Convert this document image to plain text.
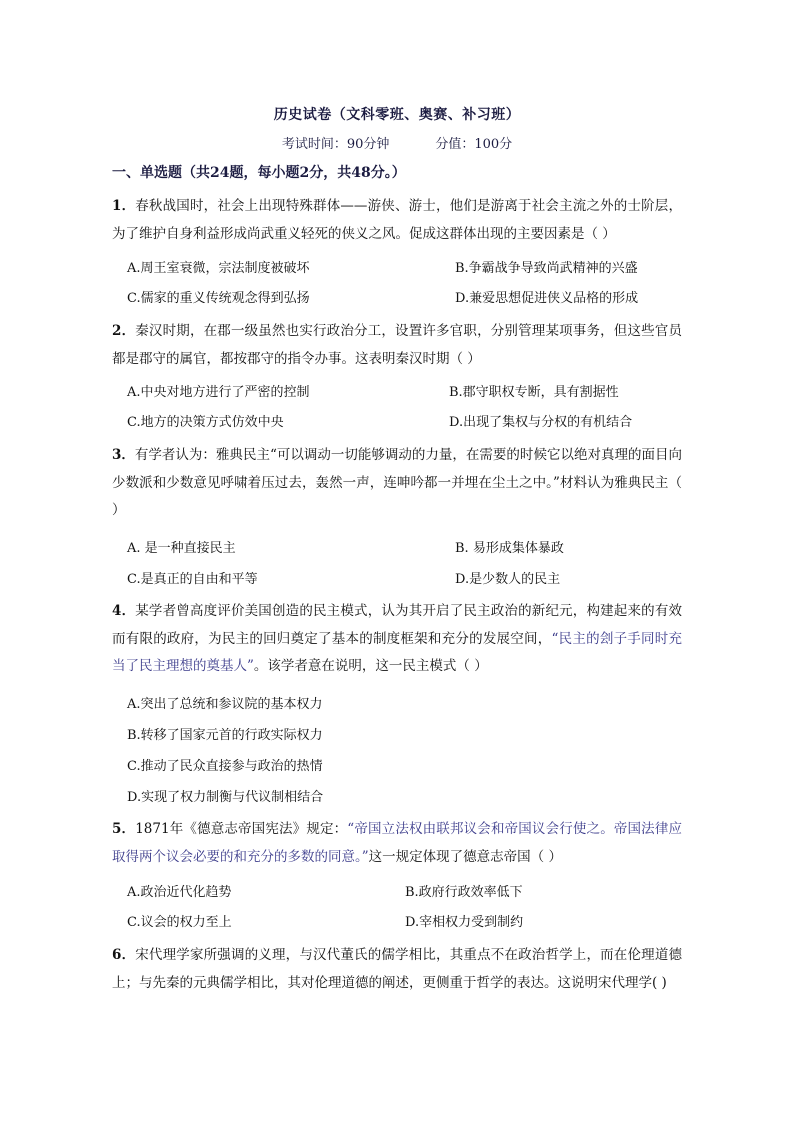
历史试卷（文科零班、奥赛、补习班）
考试时间：90分钟	分值：100分
一、单选题（共24题，每小题2分，共48分。）
1．春秋战国时，社会上出现特殊群体——游侠、游士，他们是游离于社会主流之外的士阶层，为了维护自身利益形成尚武重义轻死的侠义之风。促成这群体出现的主要因素是（ ）
A.周王室衰微，宗法制度被破坏	B.争霸战争导致尚武精神的兴盛
C.儒家的重义传统观念得到弘扬	D.兼爱思想促进侠义品格的形成
2．秦汉时期，在郡一级虽然也实行政治分工，设置许多官职，分别管理某项事务，但这些官员都是郡守的属官，都按郡守的指令办事。这表明秦汉时期（ ）
A.中央对地方进行了严密的控制	B.郡守职权专断，具有割据性
C.地方的决策方式仿效中央	D.出现了集权与分权的有机结合
3．有学者认为：雅典民主“可以调动一切能够调动的力量，在需要的时候它以绝对真理的面目向少数派和少数意见呼啸着压过去，轰然一声，连呻吟都一并埋在尘土之中。”材料认为雅典民主（ ）
A. 是一种直接民主	B. 易形成集体暴政
C.是真正的自由和平等	D.是少数人的民主
4．某学者曾高度评价美国创造的民主模式，认为其开启了民主政治的新纪元，构建起来的有效而有限的政府，为民主的回归奠定了基本的制度框架和充分的发展空间，“民主的刽子手同时充当了民主理想的奠基人”。该学者意在说明，这一民主模式（ ）
A.突出了总统和参议院的基本权力
B.转移了国家元首的行政实际权力
C.推动了民众直接参与政治的热情
D.实现了权力制衡与代议制相结合
5．1871年《德意志帝国宪法》规定：“帝国立法权由联邦议会和帝国议会行使之。帝国法律应取得两个议会必要的和充分的多数的同意。”这一规定体现了德意志帝国（ ）
A.政治近代化趋势	B.政府行政效率低下
C.议会的权力至上	D.宰相权力受到制约
6．宋代理学家所强调的义理，与汉代董氏的儒学相比，其重点不在政治哲学上，而在伦理道德上；与先秦的元典儒学相比，其对伦理道德的阐述，更侧重于哲学的表达。这说明宋代理学( )
